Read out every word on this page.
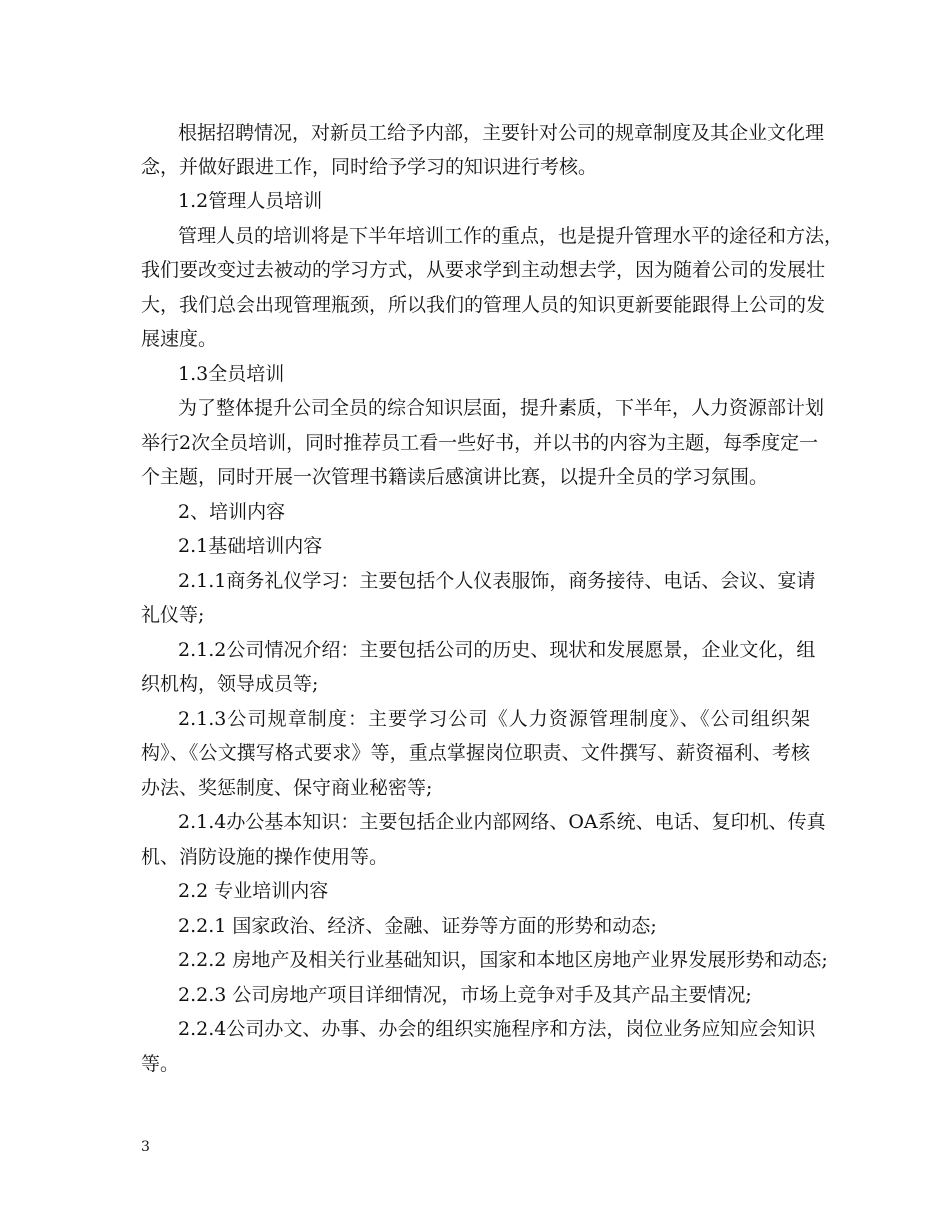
根据招聘情况，对新员工给予内部，主要针对公司的规章制度及其企业文化理
念，并做好跟进工作，同时给予学习的知识进行考核。
1.2管理人员培训
管理人员的培训将是下半年培训工作的重点，也是提升管理水平的途径和方法，
我们要改变过去被动的学习方式，从要求学到主动想去学，因为随着公司的发展壮
大，我们总会出现管理瓶颈，所以我们的管理人员的知识更新要能跟得上公司的发
展速度。
1.3全员培训
为了整体提升公司全员的综合知识层面，提升素质，下半年，人力资源部计划
举行2次全员培训，同时推荐员工看一些好书，并以书的内容为主题，每季度定一
个主题，同时开展一次管理书籍读后感演讲比赛，以提升全员的学习氛围。
2、培训内容
2.1基础培训内容
2.1.1商务礼仪学习：主要包括个人仪表服饰，商务接待、电话、会议、宴请
礼仪等;
2.1.2公司情况介绍：主要包括公司的历史、现状和发展愿景，企业文化，组
织机构，领导成员等;
2.1.3公司规章制度：主要学习公司《人力资源管理制度》、《公司组织架
构》、《公文撰写格式要求》等，重点掌握岗位职责、文件撰写、薪资福利、考核
办法、奖惩制度、保守商业秘密等;
2.1.4办公基本知识：主要包括企业内部网络、OA系统、电话、复印机、传真
机、消防设施的操作使用等。
2.2 专业培训内容
2.2.1 国家政治、经济、金融、证券等方面的形势和动态;
2.2.2 房地产及相关行业基础知识，国家和本地区房地产业界发展形势和动态;
2.2.3 公司房地产项目详细情况，市场上竞争对手及其产品主要情况;
2.2.4公司办文、办事、办会的组织实施程序和方法，岗位业务应知应会知识
等。
3
